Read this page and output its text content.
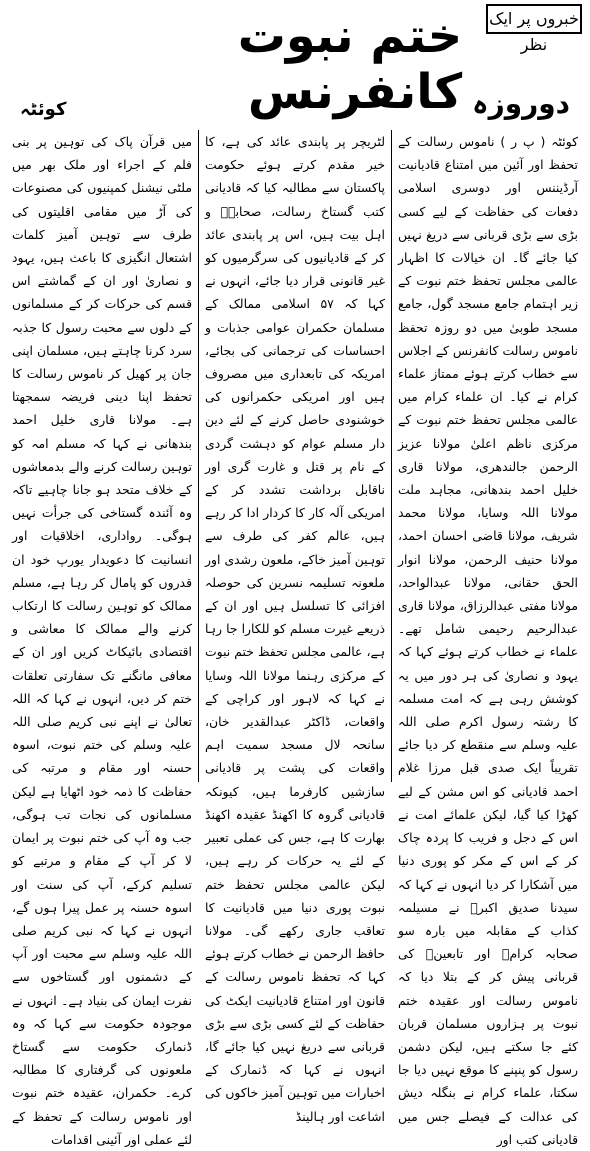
خبروں پر ایک نظر
دوروزہ
ختم نبوت کانفرنس
کوئٹہ

کوئٹہ ( پ ر ) ناموس رسالت کے تحفظ اور آئین میں امتناع قادیانیت آرڈیننس اور دوسری اسلامی دفعات کی حفاظت کے لیے کسی بڑی سے بڑی قربانی سے دریغ نہیں کیا جائے گا۔ ان خیالات کا اظہار عالمی مجلس تحفظ ختم نبوت کے زیر اہتمام جامع مسجد گول، جامع مسجد طوبیٰ میں دو روزہ تحفظ ناموس رسالت کانفرنس کے اجلاس سے خطاب کرتے ہوئے ممتاز علماء کرام نے کیا۔ ان علماء کرام میں عالمی مجلس تحفظ ختم نبوت کے مرکزی ناظم اعلیٰ مولانا عزیز الرحمن جالندھری، مولانا قاری خلیل احمد بندھانی، مجاہد ملت مولانا اللہ وسایا، مولانا محمد شریف، مولانا قاضی احسان احمد، مولانا حنیف الرحمن، مولانا انوار الحق حقانی، مولانا عبدالواحد، مولانا مفتی عبدالرزاق، مولانا قاری عبدالرحیم رحیمی شامل تھے۔ علماء نے خطاب کرتے ہوئے کہا کہ یہود و نصاریٰ کی ہر دور میں یہ کوشش رہی ہے کہ امت مسلمہ کا رشتہ رسول اکرم صلی اللہ علیہ وسلم سے منقطع کر دیا جائے تقریباً ایک صدی قبل مرزا غلام احمد قادیانی کو اس مشن کے لیے کھڑا کیا گیا، لیکن علمائے امت نے اس کے دجل و فریب کا پردہ چاک کر کے اس کے مکر کو پوری دنیا میں آشکارا کر دیا انہوں نے کہا کہ سیدنا صدیق اکبرؓ نے مسیلمہ کذاب کے مقابلہ میں بارہ سو صحابہ کرامؓ اور تابعینؓ کی قربانی پیش کر کے بتلا دیا کہ ناموس رسالت اور عقیدہ ختم نبوت پر ہزاروں مسلمان قربان کئے جا سکتے ہیں، لیکن دشمن رسول کو پنپنے کا موقع نہیں دیا جا سکتا، علماء کرام نے بنگلہ دیش کی عدالت کے فیصلے جس میں قادیانی کتب اور

لٹریچر پر پابندی عائد کی ہے، کا خیر مقدم کرتے ہوئے حکومت پاکستان سے مطالبہ کیا کہ قادیانی کتب گستاخ رسالت، صحابہؓ و اہل بیت ہیں، اس پر پابندی عائد کر کے قادیانیوں کی سرگرمیوں کو غیر قانونی قرار دیا جائے، انہوں نے کہا کہ ۵۷ اسلامی ممالک کے مسلمان حکمران عوامی جذبات و احساسات کی ترجمانی کی بجائے، امریکہ کی تابعداری میں مصروف ہیں اور امریکی حکمرانوں کی خوشنودی حاصل کرنے کے لئے دین دار مسلم عوام کو دہشت گردی کے نام پر قتل و غارت گری اور ناقابل برداشت تشدد کر کے امریکی آلہ کار کا کردار ادا کر رہے ہیں، عالم کفر کی طرف سے توہین آمیز خاکے، ملعون رشدی اور ملعونہ تسلیمہ نسرین کی حوصلہ افزائی کا تسلسل ہیں اور ان کے ذریعے غیرت مسلم کو للکارا جا رہا ہے، عالمی مجلس تحفظ ختم نبوت کے مرکزی رہنما مولانا اللہ وسایا نے کہا کہ لاہور اور کراچی کے واقعات، ڈاکٹر عبدالقدیر خان، سانحہ لال مسجد سمیت اہم واقعات کی پشت پر قادیانی سازشیں کارفرما ہیں، کیونکہ قادیانی گروہ کا اکھنڈ عقیدہ اکھنڈ بھارت کا ہے، جس کی عملی تعبیر کے لئے یہ حرکات کر رہے ہیں، لیکن عالمی مجلس تحفظ ختم نبوت پوری دنیا میں قادیانیت کا تعاقب جاری رکھے گی۔ مولانا حافظ الرحمن نے خطاب کرتے ہوئے کہا کہ تحفظ ناموس رسالت کے قانون اور امتناع قادیانیت ایکٹ کی حفاظت کے لئے کسی بڑی سے بڑی قربانی سے دریغ نہیں کیا جائے گا، انہوں نے کہا کہ ڈنمارک کے اخبارات میں توہین آمیز خاکوں کی اشاعت اور ہالینڈ

میں قرآن پاک کی توہین پر بنی فلم کے اجراء اور ملک بھر میں ملٹی نیشنل کمپنیوں کی مصنوعات کی آڑ میں مقامی اقلیتوں کی طرف سے توہین آمیز کلمات اشتعال انگیزی کا باعث ہیں، یہود و نصاریٰ اور ان کے گماشتے اس قسم کی حرکات کر کے مسلمانوں کے دلوں سے محبت رسول کا جذبہ سرد کرنا چاہتے ہیں، مسلمان اپنی جان پر کھیل کر ناموس رسالت کا تحفظ اپنا دینی فریضہ سمجھتا ہے۔ مولانا قاری خلیل احمد بندھانی نے کہا کہ مسلم امہ کو توہین رسالت کرنے والے بدمعاشوں کے خلاف متحد ہو جانا چاہیے تاکہ وہ آئندہ گستاخی کی جرأت نہیں ہوگی۔ رواداری، اخلاقیات اور انسانیت کا دعویدار یورپ خود ان قدروں کو پامال کر رہا ہے، مسلم ممالک کو توہین رسالت کا ارتکاب کرنے والے ممالک کا معاشی و اقتصادی بائیکاٹ کریں اور ان کے معافی مانگنے تک سفارتی تعلقات ختم کر دیں، انہوں نے کہا کہ اللہ تعالیٰ نے اپنے نبی کریم صلی اللہ علیہ وسلم کی ختم نبوت، اسوہ حسنہ اور مقام و مرتبہ کی حفاظت کا ذمہ خود اٹھایا ہے لیکن مسلمانوں کی نجات تب ہوگی، جب وہ آپ کی ختم نبوت پر ایمان لا کر آپ کے مقام و مرتبے کو تسلیم کرکے، آپ کی سنت اور اسوہ حسنہ پر عمل پیرا ہوں گے، انہوں نے کہا کہ نبی کریم صلی اللہ علیہ وسلم سے محبت اور آپ کے دشمنوں اور گستاخوں سے نفرت ایمان کی بنیاد ہے۔ انہوں نے موجودہ حکومت سے کہا کہ وہ ڈنمارک حکومت سے گستاخ ملعونوں کی گرفتاری کا مطالبہ کرے۔ حکمران، عقیدہ ختم نبوت اور ناموس رسالت کے تحفظ کے لئے عملی اور آئینی اقدامات
